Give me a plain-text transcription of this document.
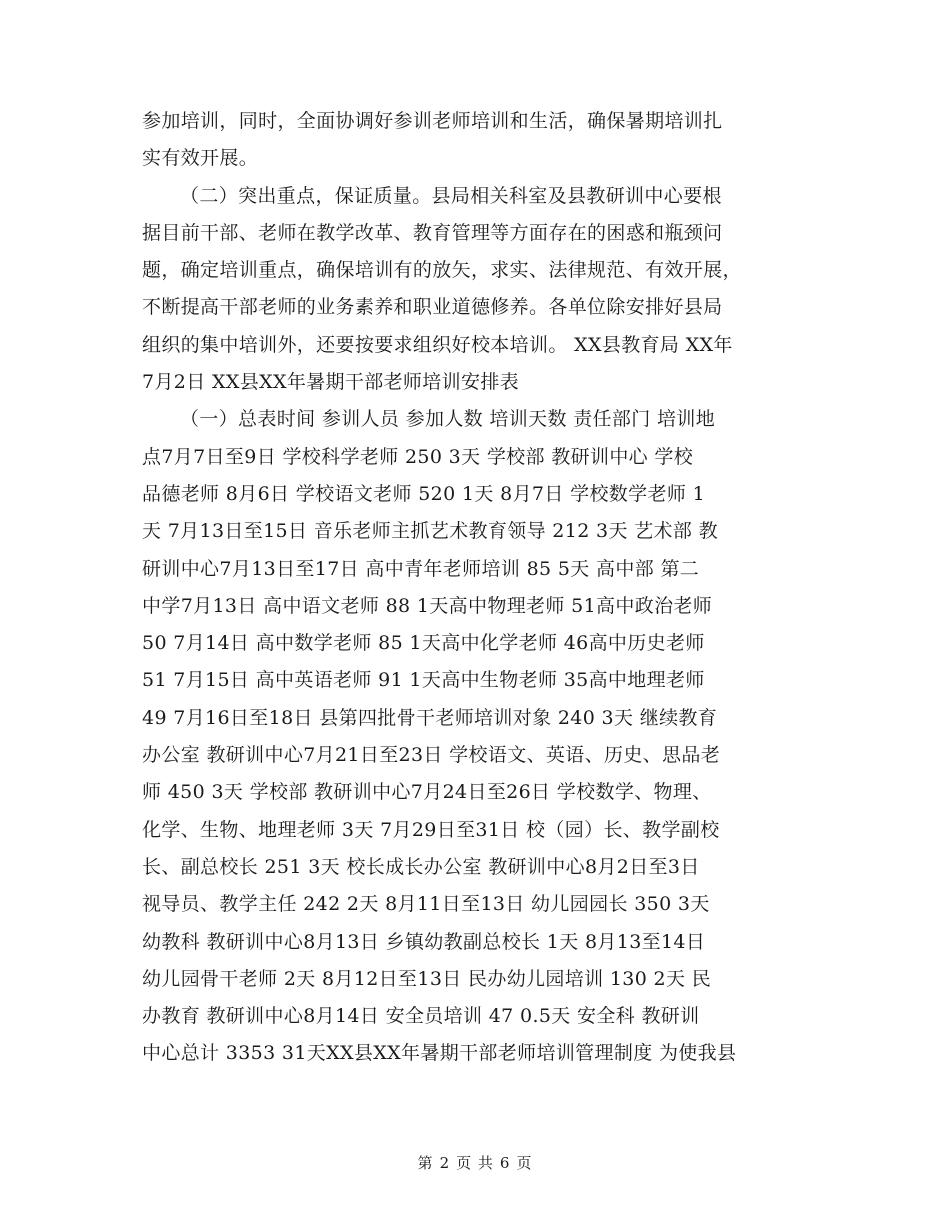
参加培训，同时，全面协调好参训老师培训和生活，确保暑期培训扎
实有效开展。
（二）突出重点，保证质量。县局相关科室及县教研训中心要根
据目前干部、老师在教学改革、教育管理等方面存在的困惑和瓶颈问
题，确定培训重点，确保培训有的放矢，求实、法律规范、有效开展，
不断提高干部老师的业务素养和职业道德修养。各单位除安排好县局
组织的集中培训外，还要按要求组织好校本培训。 XX县教育局 XX年
7月2日 XX县XX年暑期干部老师培训安排表
（一）总表时间 参训人员 参加人数 培训天数 责任部门 培训地
点7月7日至9日 学校科学老师 250 3天 学校部 教研训中心 学校
品德老师 8月6日 学校语文老师 520 1天 8月7日 学校数学老师 1
天 7月13日至15日 音乐老师主抓艺术教育领导 212 3天 艺术部 教
研训中心7月13日至17日 高中青年老师培训 85 5天 高中部 第二
中学7月13日 高中语文老师 88 1天高中物理老师 51高中政治老师
50 7月14日 高中数学老师 85 1天高中化学老师 46高中历史老师
51 7月15日 高中英语老师 91 1天高中生物老师 35高中地理老师
49 7月16日至18日 县第四批骨干老师培训对象 240 3天 继续教育
办公室 教研训中心7月21日至23日 学校语文、英语、历史、思品老
师 450 3天 学校部 教研训中心7月24日至26日 学校数学、物理、
化学、生物、地理老师 3天 7月29日至31日 校（园）长、教学副校
长、副总校长 251 3天 校长成长办公室 教研训中心8月2日至3日
视导员、教学主任 242 2天 8月11日至13日 幼儿园园长 350 3天
幼教科 教研训中心8月13日 乡镇幼教副总校长 1天 8月13至14日
幼儿园骨干老师 2天 8月12日至13日 民办幼儿园培训 130 2天 民
办教育 教研训中心8月14日 安全员培训 47 0.5天 安全科 教研训
中心总计 3353 31天XX县XX年暑期干部老师培训管理制度 为使我县
第 2 页 共 6 页
